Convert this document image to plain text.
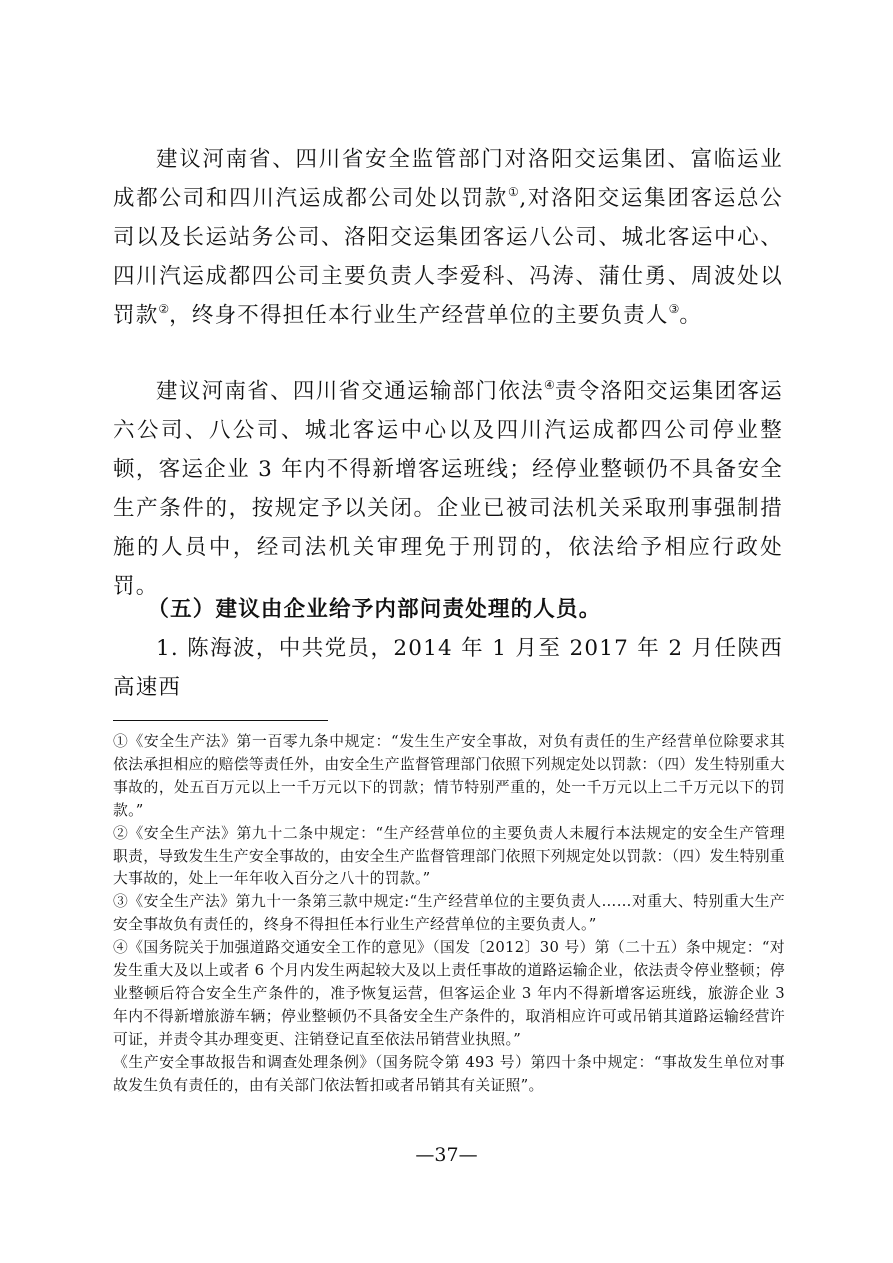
建议河南省、四川省安全监管部门对洛阳交运集团、富临运业成都公司和四川汽运成都公司处以罚款①,对洛阳交运集团客运总公司以及长运站务公司、洛阳交运集团客运八公司、城北客运中心、四川汽运成都四公司主要负责人李爱科、冯涛、蒲仕勇、周波处以罚款②，终身不得担任本行业生产经营单位的主要负责人③。

建议河南省、四川省交通运输部门依法④责令洛阳交运集团客运六公司、八公司、城北客运中心以及四川汽运成都四公司停业整顿，客运企业 3 年内不得新增客运班线；经停业整顿仍不具备安全生产条件的，按规定予以关闭。企业已被司法机关采取刑事强制措施的人员中，经司法机关审理免于刑罚的，依法给予相应行政处罚。

（五）建议由企业给予内部问责处理的人员。

1. 陈海波，中共党员，2014 年 1 月至 2017 年 2 月任陕西高速西

①《安全生产法》第一百零九条中规定：“发生生产安全事故，对负有责任的生产经营单位除要求其依法承担相应的赔偿等责任外，由安全生产监督管理部门依照下列规定处以罚款：（四）发生特别重大事故的，处五百万元以上一千万元以下的罚款；情节特别严重的，处一千万元以上二千万元以下的罚款。”

②《安全生产法》第九十二条中规定：“生产经营单位的主要负责人未履行本法规定的安全生产管理职责，导致发生生产安全事故的，由安全生产监督管理部门依照下列规定处以罚款：（四）发生特别重大事故的，处上一年年收入百分之八十的罚款。”

③《安全生产法》第九十一条第三款中规定:“生产经营单位的主要负责人……对重大、特别重大生产安全事故负有责任的，终身不得担任本行业生产经营单位的主要负责人。”

④《国务院关于加强道路交通安全工作的意见》（国发〔2012〕30 号）第（二十五）条中规定：“对发生重大及以上或者 6 个月内发生两起较大及以上责任事故的道路运输企业，依法责令停业整顿；停业整顿后符合安全生产条件的，准予恢复运营，但客运企业 3 年内不得新增客运班线，旅游企业 3 年内不得新增旅游车辆；停业整顿仍不具备安全生产条件的，取消相应许可或吊销其道路运输经营许可证，并责令其办理变更、注销登记直至依法吊销营业执照。”

《生产安全事故报告和调查处理条例》（国务院令第 493 号）第四十条中规定：“事故发生单位对事故发生负有责任的，由有关部门依法暂扣或者吊销其有关证照”。

—37—
